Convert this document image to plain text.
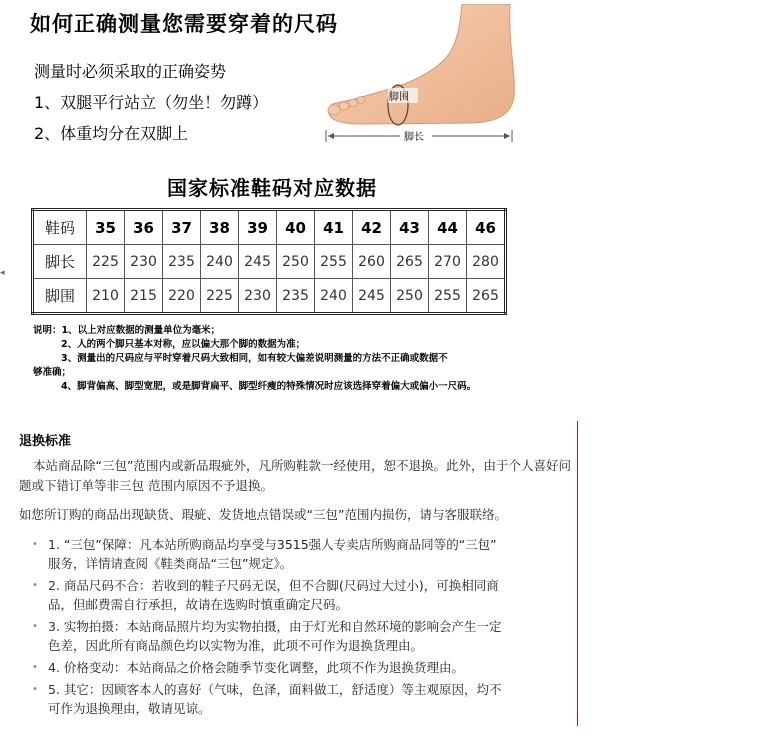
如何正确测量您需要穿着的尺码
测量时必须采取的正确姿势
1、双腿平行站立（勿坐！勿蹲）
2、体重均分在双脚上
脚围
脚长
国家标准鞋码对应数据
鞋码	35	36	37	38	39	40	41	42	43	44	46
脚长	225	230	235	240	245	250	255	260	265	270	280
脚围	210	215	220	225	230	235	240	245	250	255	265
◂
说明：1、以上对应数据的测量单位为毫米；
2、人的两个脚只基本对称，应以偏大那个脚的数据为准；
3、测量出的尺码应与平时穿着尺码大致相同，如有较大偏差说明测量的方法不正确或数据不
够准确；
4、脚背偏高、脚型宽肥，或是脚背扁平、脚型纤瘦的特殊情况时应该选择穿着偏大或偏小一尺码。
退换标准
本站商品除“三包”范围内或新品瑕疵外，凡所购鞋款一经使用，恕不退换。此外，由于个人喜好问题或下错订单等非三包 范围内原因不予退换。
如您所订购的商品出现缺货、瑕疵、发货地点错误或“三包”范围内损伤，请与客服联络。
• 1. “三包”保障：凡本站所购商品均享受与3515强人专卖店所购商品同等的“三包”
服务，详情请查阅《鞋类商品“三包”规定》。
• 2. 商品尺码不合：若收到的鞋子尺码无误，但不合脚(尺码过大过小)，可换相同商
品，但邮费需自行承担，故请在选购时慎重确定尺码。
• 3. 实物拍摄：本站商品照片均为实物拍摄，由于灯光和自然环境的影响会产生一定
色差，因此所有商品颜色均以实物为准，此项不可作为退换货理由。
• 4. 价格变动：本站商品之价格会随季节变化调整，此项不作为退换货理由。
• 5. 其它：因顾客本人的喜好（气味，色泽，面料做工，舒适度）等主观原因，均不
可作为退换理由，敬请见谅。
